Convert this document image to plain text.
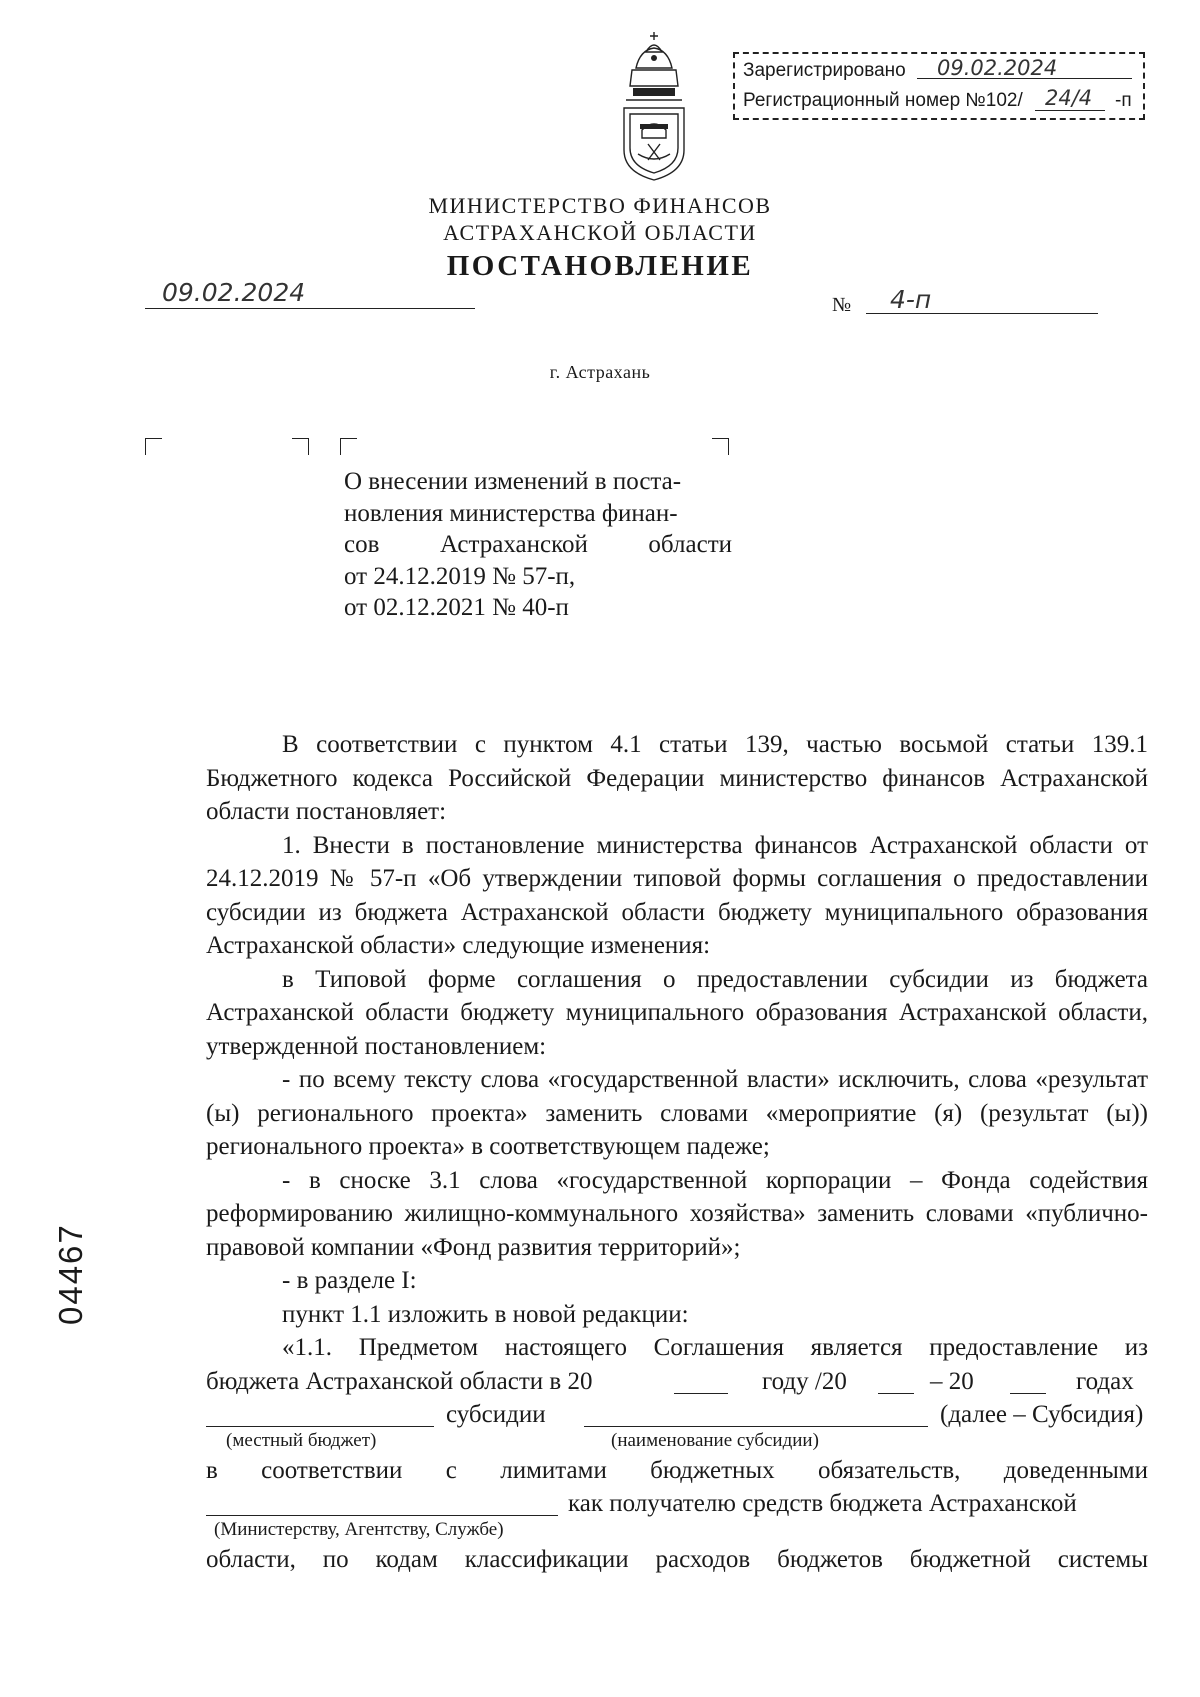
Зарегистрировано 09.02.2024
Регистрационный номер №102/ 24/4 -п
МИНИСТЕРСТВО ФИНАНСОВ
АСТРАХАНСКОЙ ОБЛАСТИ
ПОСТАНОВЛЕНИЕ
09.02.2024	№ 4-п
г. Астрахань
О внесении изменений в поста-
новления министерства финан-
сов Астраханской области
от 24.12.2019 № 57-п,
от 02.12.2021 № 40-п

В соответствии с пунктом 4.1 статьи 139, частью восьмой статьи 139.1 Бюджетного кодекса Российской Федерации министерство финансов Астраханской области постановляет:

1. Внести в постановление министерства финансов Астраханской области от 24.12.2019 № 57-п «Об утверждении типовой формы соглашения о предоставлении субсидии из бюджета Астраханской области бюджету муниципального образования Астраханской области» следующие изменения:

в Типовой форме соглашения о предоставлении субсидии из бюджета Астраханской области бюджету муниципального образования Астраханской области, утвержденной постановлением:

- по всему тексту слова «государственной власти» исключить, слова «результат (ы) регионального проекта» заменить словами «мероприятие (я) (результат (ы)) регионального проекта» в соответствующем падеже;

- в сноске 3.1 слова «государственной корпорации – Фонда содействия реформированию жилищно-коммунального хозяйства» заменить словами «публично-правовой компании «Фонд развития территорий»;

- в разделе I:

пункт 1.1 изложить в новой редакции:

«1.1. Предметом настоящего Соглашения является предоставление из

бюджета Астраханской области в 20	году /20	– 20	годах
субсидии	(далее – Субсидия)
(местный бюджет)	(наименование субсидии)

в соответствии с лимитами бюджетных обязательств, доведенными

как получателю средств бюджета Астраханской
(Министерству, Агентству, Службе)

области, по кодам классификации расходов бюджетов бюджетной системы

04467
